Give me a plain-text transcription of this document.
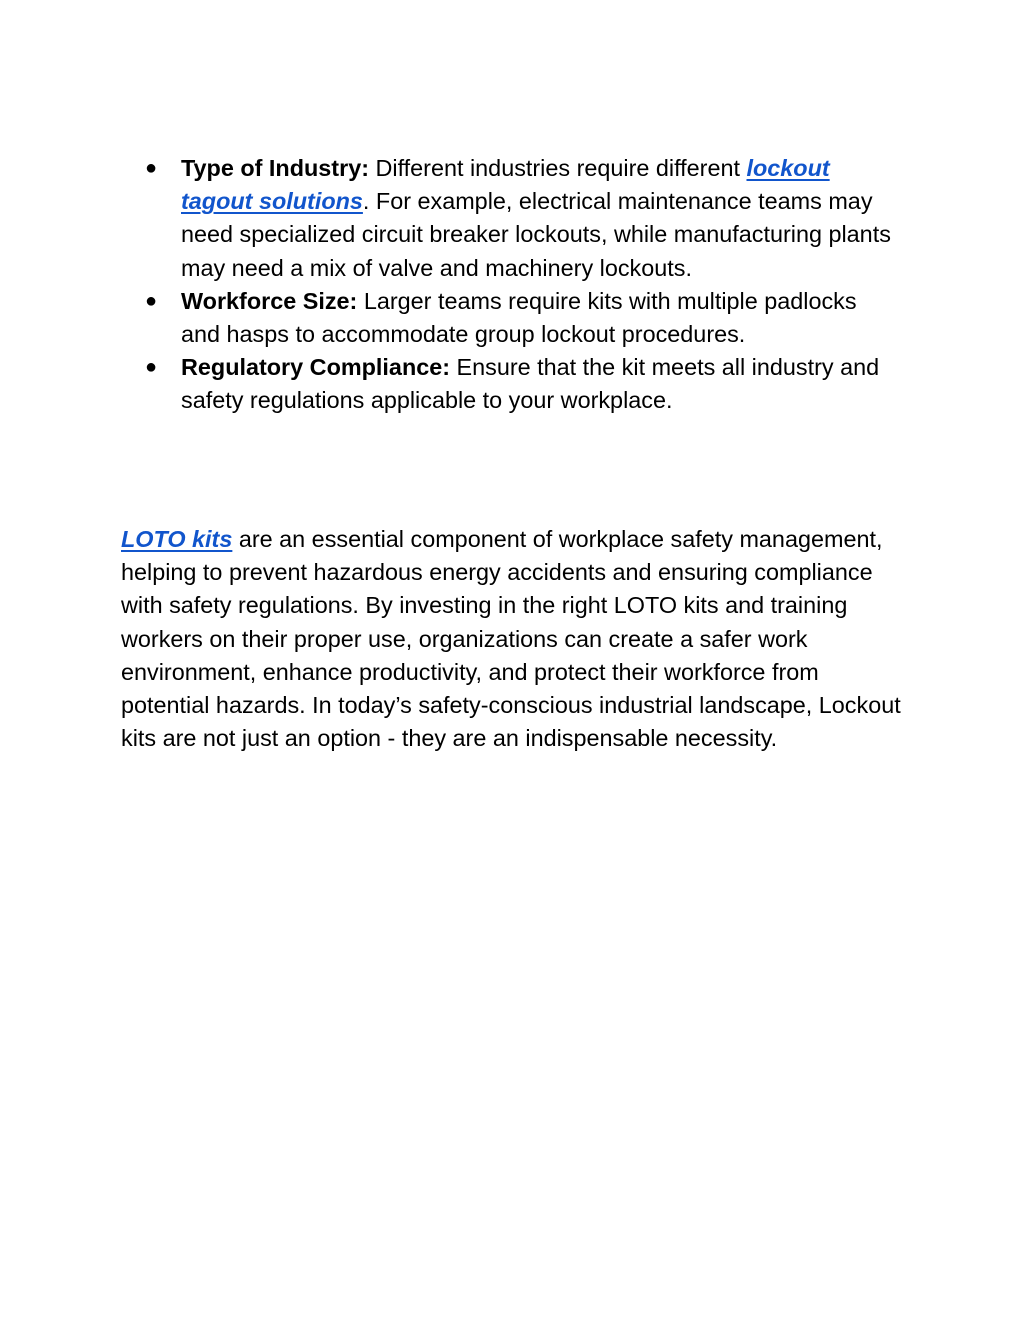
● Type of Industry: Different industries require different lockout tagout solutions. For example, electrical maintenance teams may need specialized circuit breaker lockouts, while manufacturing plants may need a mix of valve and machinery lockouts.
● Workforce Size: Larger teams require kits with multiple padlocks and hasps to accommodate group lockout procedures.
● Regulatory Compliance: Ensure that the kit meets all industry and safety regulations applicable to your workplace.

LOTO kits are an essential component of workplace safety management, helping to prevent hazardous energy accidents and ensuring compliance with safety regulations. By investing in the right LOTO kits and training workers on their proper use, organizations can create a safer work environment, enhance productivity, and protect their workforce from potential hazards. In today’s safety-conscious industrial landscape, Lockout kits are not just an option - they are an indispensable necessity.
